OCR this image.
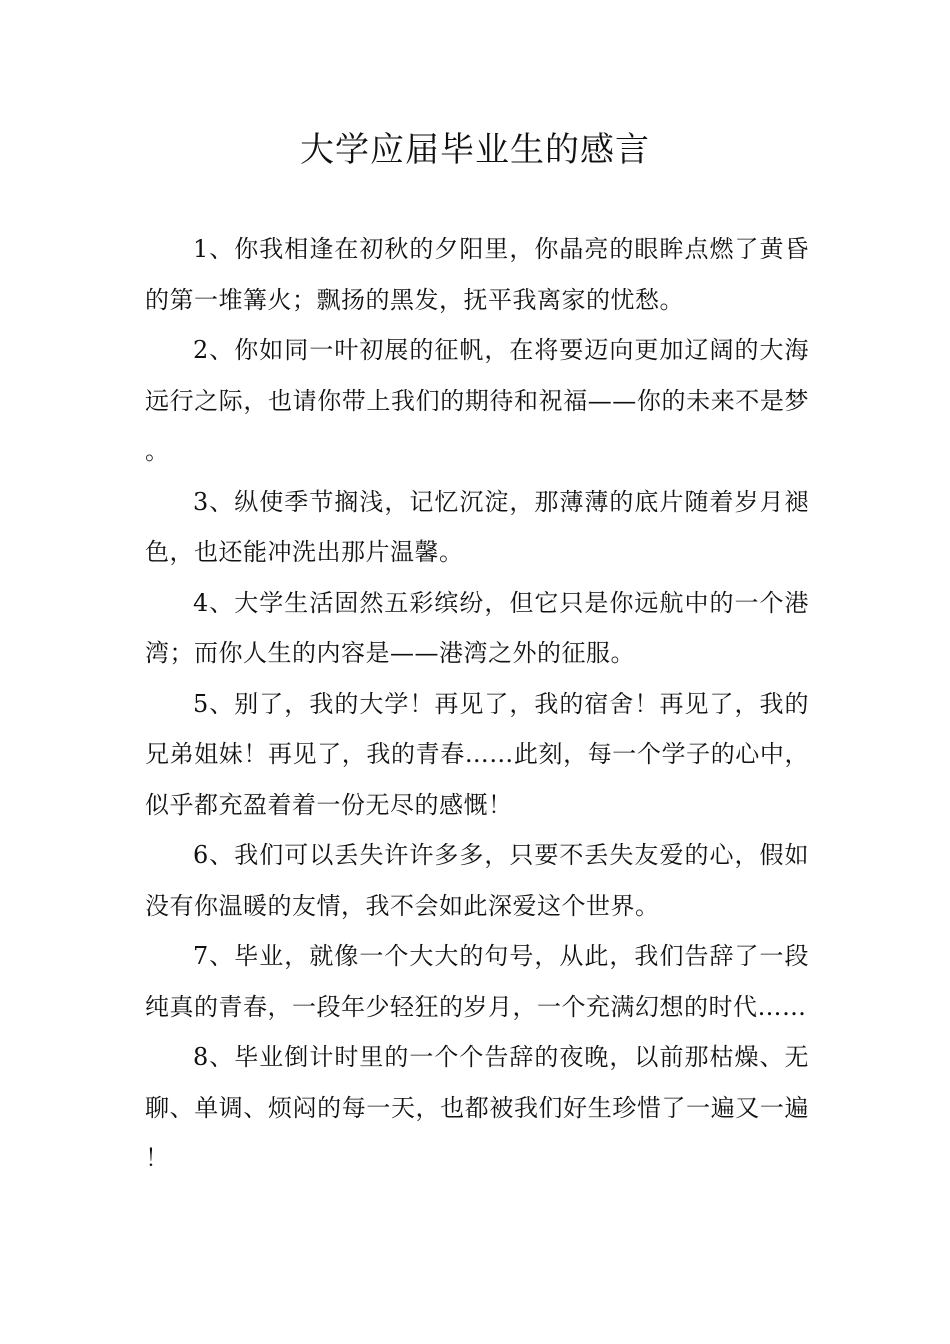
大学应届毕业生的感言

1、你我相逢在初秋的夕阳里，你晶亮的眼眸点燃了黄昏的第一堆篝火；飘扬的黑发，抚平我离家的忧愁。

2、你如同一叶初展的征帆，在将要迈向更加辽阔的大海远行之际，也请你带上我们的期待和祝福——你的未来不是梦。

3、纵使季节搁浅，记忆沉淀，那薄薄的底片随着岁月褪色，也还能冲洗出那片温馨。

4、大学生活固然五彩缤纷，但它只是你远航中的一个港湾；而你人生的内容是——港湾之外的征服。

5、别了，我的大学！再见了，我的宿舍！再见了，我的兄弟姐妹！再见了，我的青春……此刻，每一个学子的心中，似乎都充盈着着一份无尽的感慨！

6、我们可以丢失许许多多，只要不丢失友爱的心，假如没有你温暖的友情，我不会如此深爱这个世界。

7、毕业，就像一个大大的句号，从此，我们告辞了一段纯真的青春，一段年少轻狂的岁月，一个充满幻想的时代……

8、毕业倒计时里的一个个告辞的夜晚，以前那枯燥、无聊、单调、烦闷的每一天，也都被我们好生珍惜了一遍又一遍！
